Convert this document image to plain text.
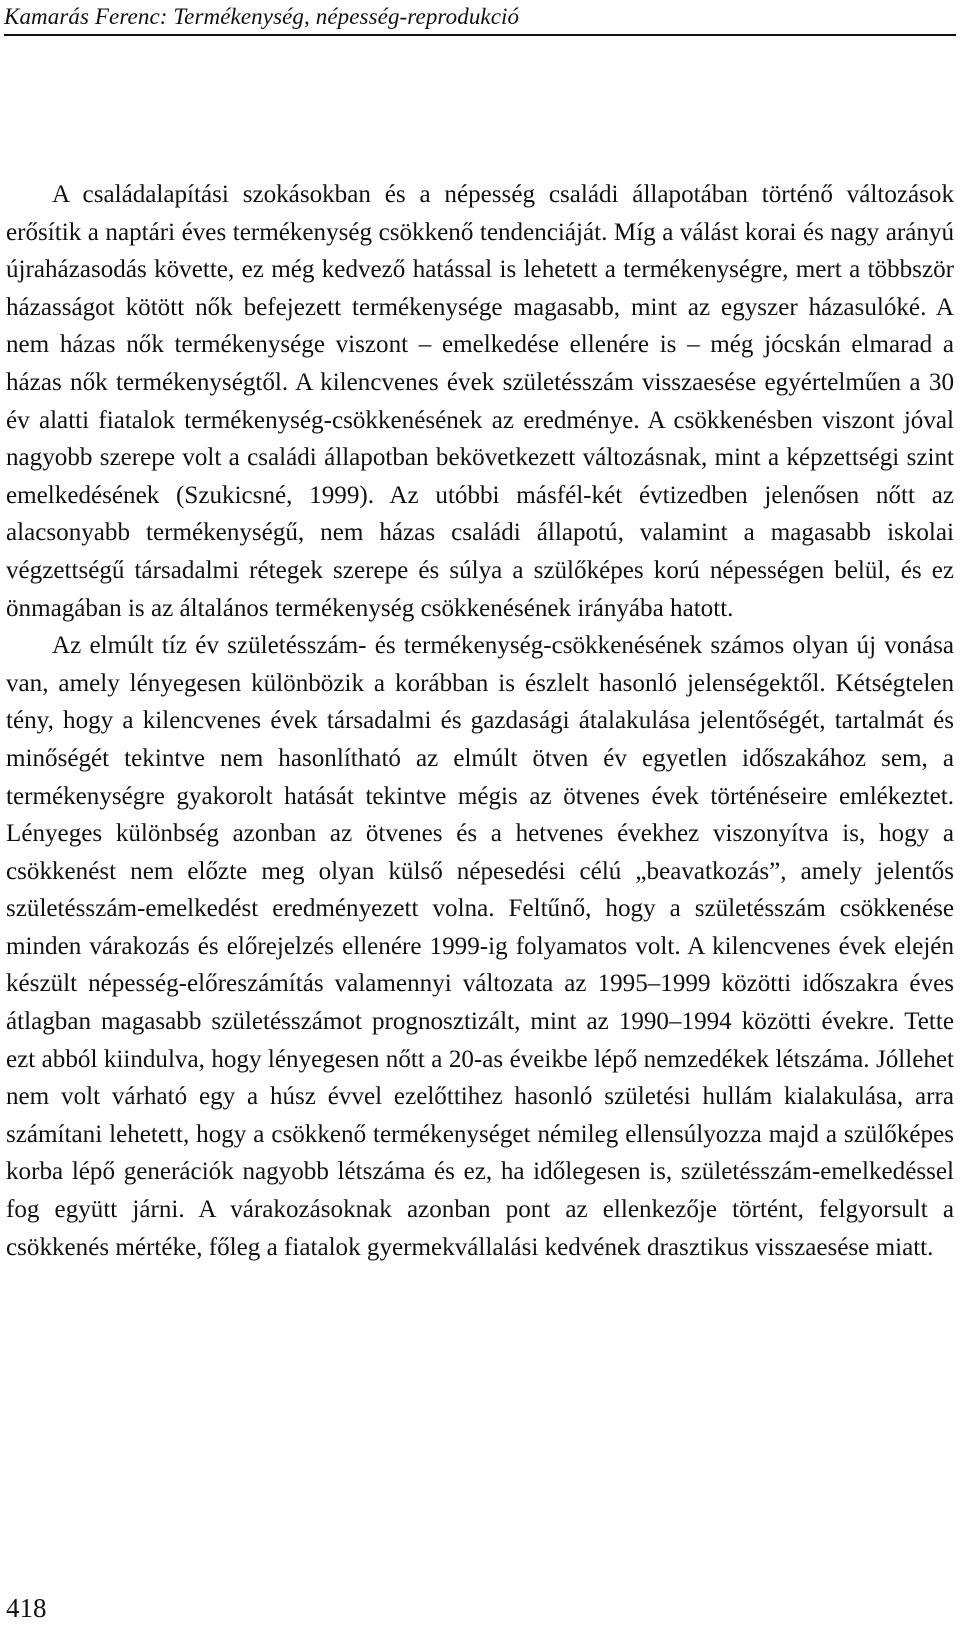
Kamarás Ferenc: Termékenység, népesség-reprodukció

A családalapítási szokásokban és a népesség családi állapotában történő változások erősítik a naptári éves termékenység csökkenő tendenciáját. Míg a válást korai és nagy arányú újraházasodás követte, ez még kedvező hatással is lehetett a termékenységre, mert a többször házasságot kötött nők befejezett termékenysége magasabb, mint az egyszer házasulóké. A nem házas nők termékenysége viszont – emelkedése ellenére is – még jócskán elmarad a házas nők termékenységtől. A kilencvenes évek születésszám visszaesése egyértelműen a 30 év alatti fiatalok termékenység-csökkenésének az eredménye. A csökkenésben viszont jóval nagyobb szerepe volt a családi állapotban bekövetkezett változásnak, mint a képzettségi szint emelkedésének (Szukicsné, 1999). Az utóbbi másfél-két évtizedben jelenősen nőtt az alacsonyabb termékenységű, nem házas családi állapotú, valamint a magasabb iskolai végzettségű társadalmi rétegek szerepe és súlya a szülőképes korú népességen belül, és ez önmagában is az általános termékenység csökkenésének irányába hatott.

Az elmúlt tíz év születésszám- és termékenység-csökkenésének számos olyan új vonása van, amely lényegesen különbözik a korábban is észlelt hasonló jelenségektől. Kétségtelen tény, hogy a kilencvenes évek társadalmi és gazdasági átalakulása jelentőségét, tartalmát és minőségét tekintve nem hasonlítható az elmúlt ötven év egyetlen időszakához sem, a termékenységre gyakorolt hatását tekintve mégis az ötvenes évek történéseire emlékeztet. Lényeges különbség azonban az ötvenes és a hetvenes évekhez viszonyítva is, hogy a csökkenést nem előzte meg olyan külső népesedési célú „beavatkozás”, amely jelentős születésszám-emelkedést eredményezett volna. Feltűnő, hogy a születésszám csökkenése minden várakozás és előrejelzés ellenére 1999-ig folyamatos volt. A kilencvenes évek elején készült népesség-előreszámítás valamennyi változata az 1995–1999 közötti időszakra éves átlagban magasabb születésszámot prognosztizált, mint az 1990–1994 közötti évekre. Tette ezt abból kiindulva, hogy lényegesen nőtt a 20-as éveikbe lépő nemzedékek létszáma. Jóllehet nem volt várható egy a húsz évvel ezelőttihez hasonló születési hullám kialakulása, arra számítani lehetett, hogy a csökkenő termékenységet némileg ellensúlyozza majd a szülőképes korba lépő generációk nagyobb létszáma és ez, ha időlegesen is, születésszám-emelkedéssel fog együtt járni. A várakozásoknak azonban pont az ellenkezője történt, felgyorsult a csökkenés mértéke, főleg a fiatalok gyermekvállalási kedvének drasztikus visszaesése miatt.

418
